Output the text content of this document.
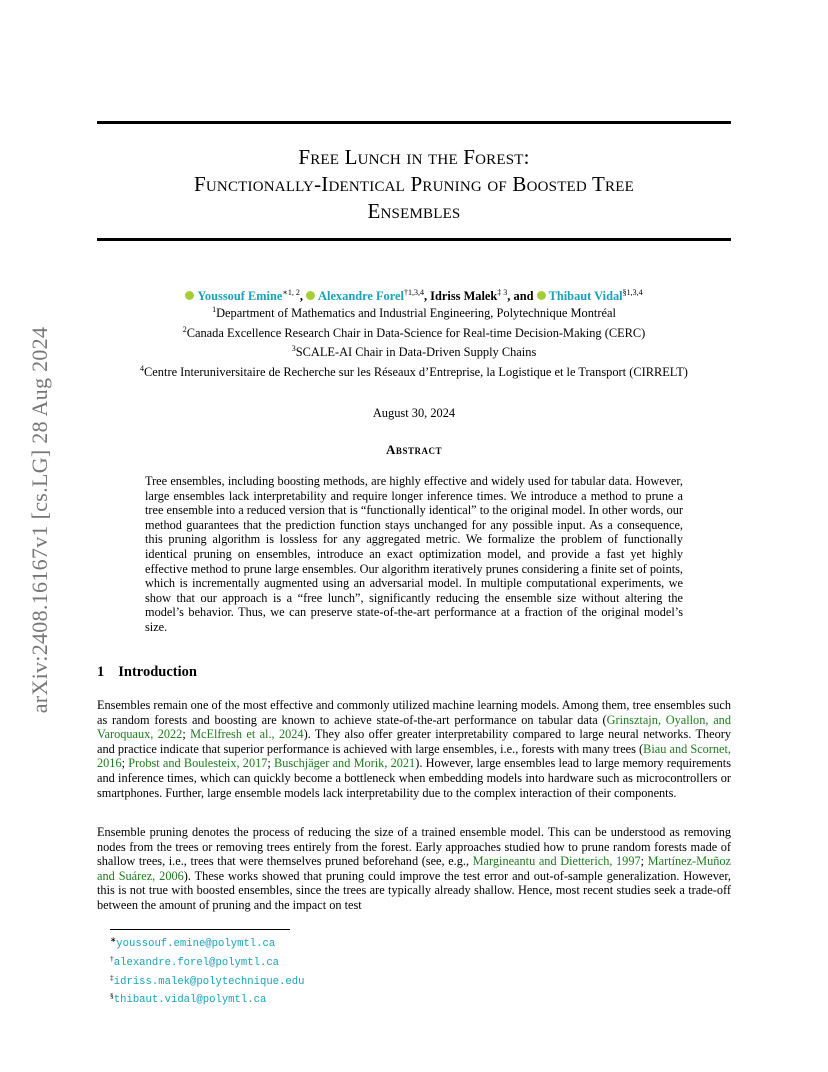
arXiv:2408.16167v1 [cs.LG] 28 Aug 2024
Free Lunch in the Forest:
Functionally-Identical Pruning of Boosted Tree
Ensembles
Youssouf Emine$^{∗1, 2}$, Alexandre Forel$^{\dagger 1,3,4}$, Idriss Malek$^{\ddagger 3}$, and Thibaut Vidal$^{\S 1,3,4}$
$^1$Department of Mathematics and Industrial Engineering, Polytechnique Montréal
$^2$Canada Excellence Research Chair in Data-Science for Real-time Decision-Making (CERC)
$^3$SCALE-AI Chair in Data-Driven Supply Chains
$^4$Centre Interuniversitaire de Recherche sur les Réseaux d’Entreprise, la Logistique et le Transport (CIRRELT)
August 30, 2024
Abstract
Tree ensembles, including boosting methods, are highly effective and widely used for tabular data. However, large ensembles lack interpretability and require longer inference times. We introduce a method to prune a tree ensemble into a reduced version that is “functionally identical” to the original model. In other words, our method guarantees that the prediction function stays unchanged for any possible input. As a consequence, this pruning algorithm is lossless for any aggregated metric. We formalize the problem of functionally identical pruning on ensembles, introduce an exact optimization model, and provide a fast yet highly effective method to prune large ensembles. Our algorithm iteratively prunes considering a finite set of points, which is incrementally augmented using an adversarial model. In multiple computational experiments, we show that our approach is a “free lunch”, significantly reducing the ensemble size without altering the model’s behavior. Thus, we can preserve state-of-the-art performance at a fraction of the original model’s size.
1 Introduction
Ensembles remain one of the most effective and commonly utilized machine learning models. Among them, tree ensembles such as random forests and boosting are known to achieve state-of-the-art performance on tabular data (Grinsztajn, Oyallon, and Varoquaux, 2022; McElfresh et al., 2024). They also offer greater interpretability compared to large neural networks. Theory and practice indicate that superior performance is achieved with large ensembles, i.e., forests with many trees (Biau and Scornet, 2016; Probst and Boulesteix, 2017; Buschjäger and Morik, 2021). However, large ensembles lead to large memory requirements and inference times, which can quickly become a bottleneck when embedding models into hardware such as microcontrollers or smartphones. Further, large ensemble models lack interpretability due to the complex interaction of their components.
Ensemble pruning denotes the process of reducing the size of a trained ensemble model. This can be understood as removing nodes from the trees or removing trees entirely from the forest. Early approaches studied how to prune random forests made of shallow trees, i.e., trees that were themselves pruned beforehand (see, e.g., Margineantu and Dietterich, 1997; Martínez-Muñoz and Suárez, 2006). These works showed that pruning could improve the test error and out-of-sample generalization. However, this is not true with boosted ensembles, since the trees are typically already shallow. Hence, most recent studies seek a trade-off between the amount of pruning and the impact on test
∗youssouf.emine@polymtl.ca
†alexandre.forel@polymtl.ca
‡idriss.malek@polytechnique.edu
§thibaut.vidal@polymtl.ca
